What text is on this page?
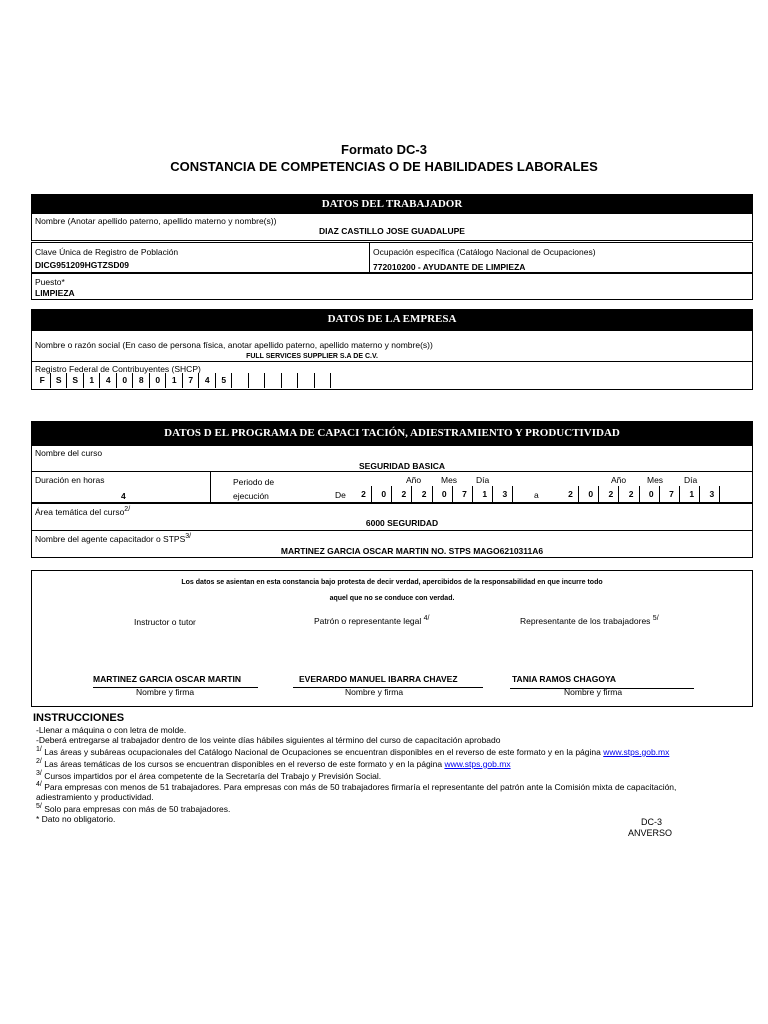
Formato DC-3
CONSTANCIA DE COMPETENCIAS O DE HABILIDADES LABORALES
DATOS DEL TRABAJADOR
Nombre (Anotar apellido paterno, apellido materno y nombre(s))
DIAZ CASTILLO JOSE GUADALUPE
Clave Única de Registro de Población
DICG951209HGTZSD09
Ocupación específica (Catálogo Nacional de Ocupaciones)
772010200 - AYUDANTE DE LIMPIEZA
Puesto*
LIMPIEZA
DATOS DE LA EMPRESA
Nombre o razón social (En caso de persona física, anotar apellido paterno, apellido materno y nombre(s))
FULL SERVICES SUPPLIER S.A DE C.V.
Registro Federal de Contribuyentes (SHCP)
F	S	S	1	4	0	8	0	1	7	4	5
DATOS D EL PROGRAMA DE CAPACI TACIÓN, ADIESTRAMIENTO Y PRODUCTIVIDAD
Nombre del curso
SEGURIDAD BASICA
Duración en horas
4
Periodo de
ejecución
Año Mes Día	Año Mes Día
De	a
2	0	2	2	0	7	1	3	2	0	2	2	0	7	1	3
Área temática del curso$^{2/}$
6000 SEGURIDAD
Nombre del agente capacitador o $STPS^{3/}$
MARTINEZ GARCIA OSCAR MARTIN NO. STPS MAGO6210311A6
Los datos se asientan en esta constancia bajo protesta de decir verdad, apercibidos de la responsabilidad en que incurre todo
aquel que no se conduce con verdad.
Instructor o tutor	Patrón o representante legal $^{4/}$	Representante de los trabajadores $^{5/}$
MARTINEZ GARCIA OSCAR MARTIN	EVERARDO MANUEL IBARRA CHAVEZ	TANIA RAMOS CHAGOYA
Nombre y firma	Nombre y firma	Nombre y firma
INSTRUCCIONES
-Llenar a máquina o con letra de molde.
-Deberá entregarse al trabajador dentro de los veinte días hábiles siguientes al término del curso de capacitación aprobado
$^{1/}$ Las áreas y subáreas ocupacionales del Catálogo Nacional de Ocupaciones se encuentran disponibles en el reverso de este formato y en la página www.stps.gob.mx
$^{2/}$ Las áreas temáticas de los cursos se encuentran disponibles en el reverso de este formato y en la página www.stps.gob.mx
$^{3/}$ Cursos impartidos por el área competente de la Secretaría del Trabajo y Previsión Social.
$^{4/}$ Para empresas con menos de 51 trabajadores. Para empresas con más de 50 trabajadores firmaría el representante del patrón ante la Comisión mixta de capacitación,
adiestramiento y productividad.
$^{5/}$ Solo para empresas con más de 50 trabajadores.
* Dato no obligatorio.	DC-3
ANVERSO
